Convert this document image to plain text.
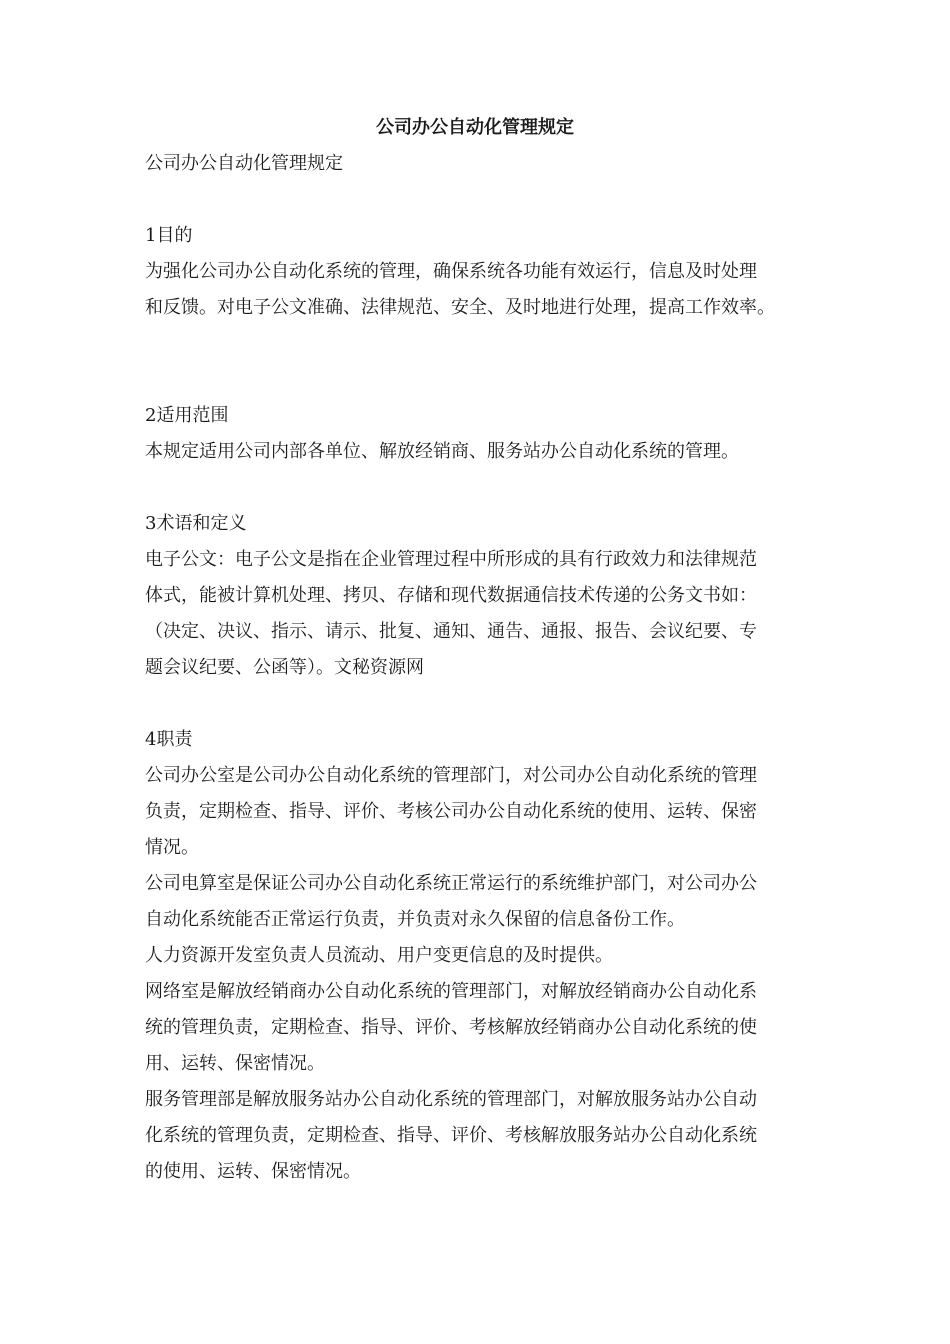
公司办公自动化管理规定

公司办公自动化管理规定

1目的

为强化公司办公自动化系统的管理，确保系统各功能有效运行，信息及时处理

和反馈。对电子公文准确、法律规范、安全、及时地进行处理，提高工作效率。

2适用范围

本规定适用公司内部各单位、解放经销商、服务站办公自动化系统的管理。

3术语和定义

电子公文：电子公文是指在企业管理过程中所形成的具有行政效力和法律规范

体式，能被计算机处理、拷贝、存储和现代数据通信技术传递的公务文书如：

（决定、决议、指示、请示、批复、通知、通告、通报、报告、会议纪要、专

题会议纪要、公函等）。文秘资源网

4职责

公司办公室是公司办公自动化系统的管理部门，对公司办公自动化系统的管理

负责，定期检查、指导、评价、考核公司办公自动化系统的使用、运转、保密

情况。

公司电算室是保证公司办公自动化系统正常运行的系统维护部门，对公司办公

自动化系统能否正常运行负责，并负责对永久保留的信息备份工作。

人力资源开发室负责人员流动、用户变更信息的及时提供。

网络室是解放经销商办公自动化系统的管理部门，对解放经销商办公自动化系

统的管理负责，定期检查、指导、评价、考核解放经销商办公自动化系统的使

用、运转、保密情况。

服务管理部是解放服务站办公自动化系统的管理部门，对解放服务站办公自动

化系统的管理负责，定期检查、指导、评价、考核解放服务站办公自动化系统

的使用、运转、保密情况。
